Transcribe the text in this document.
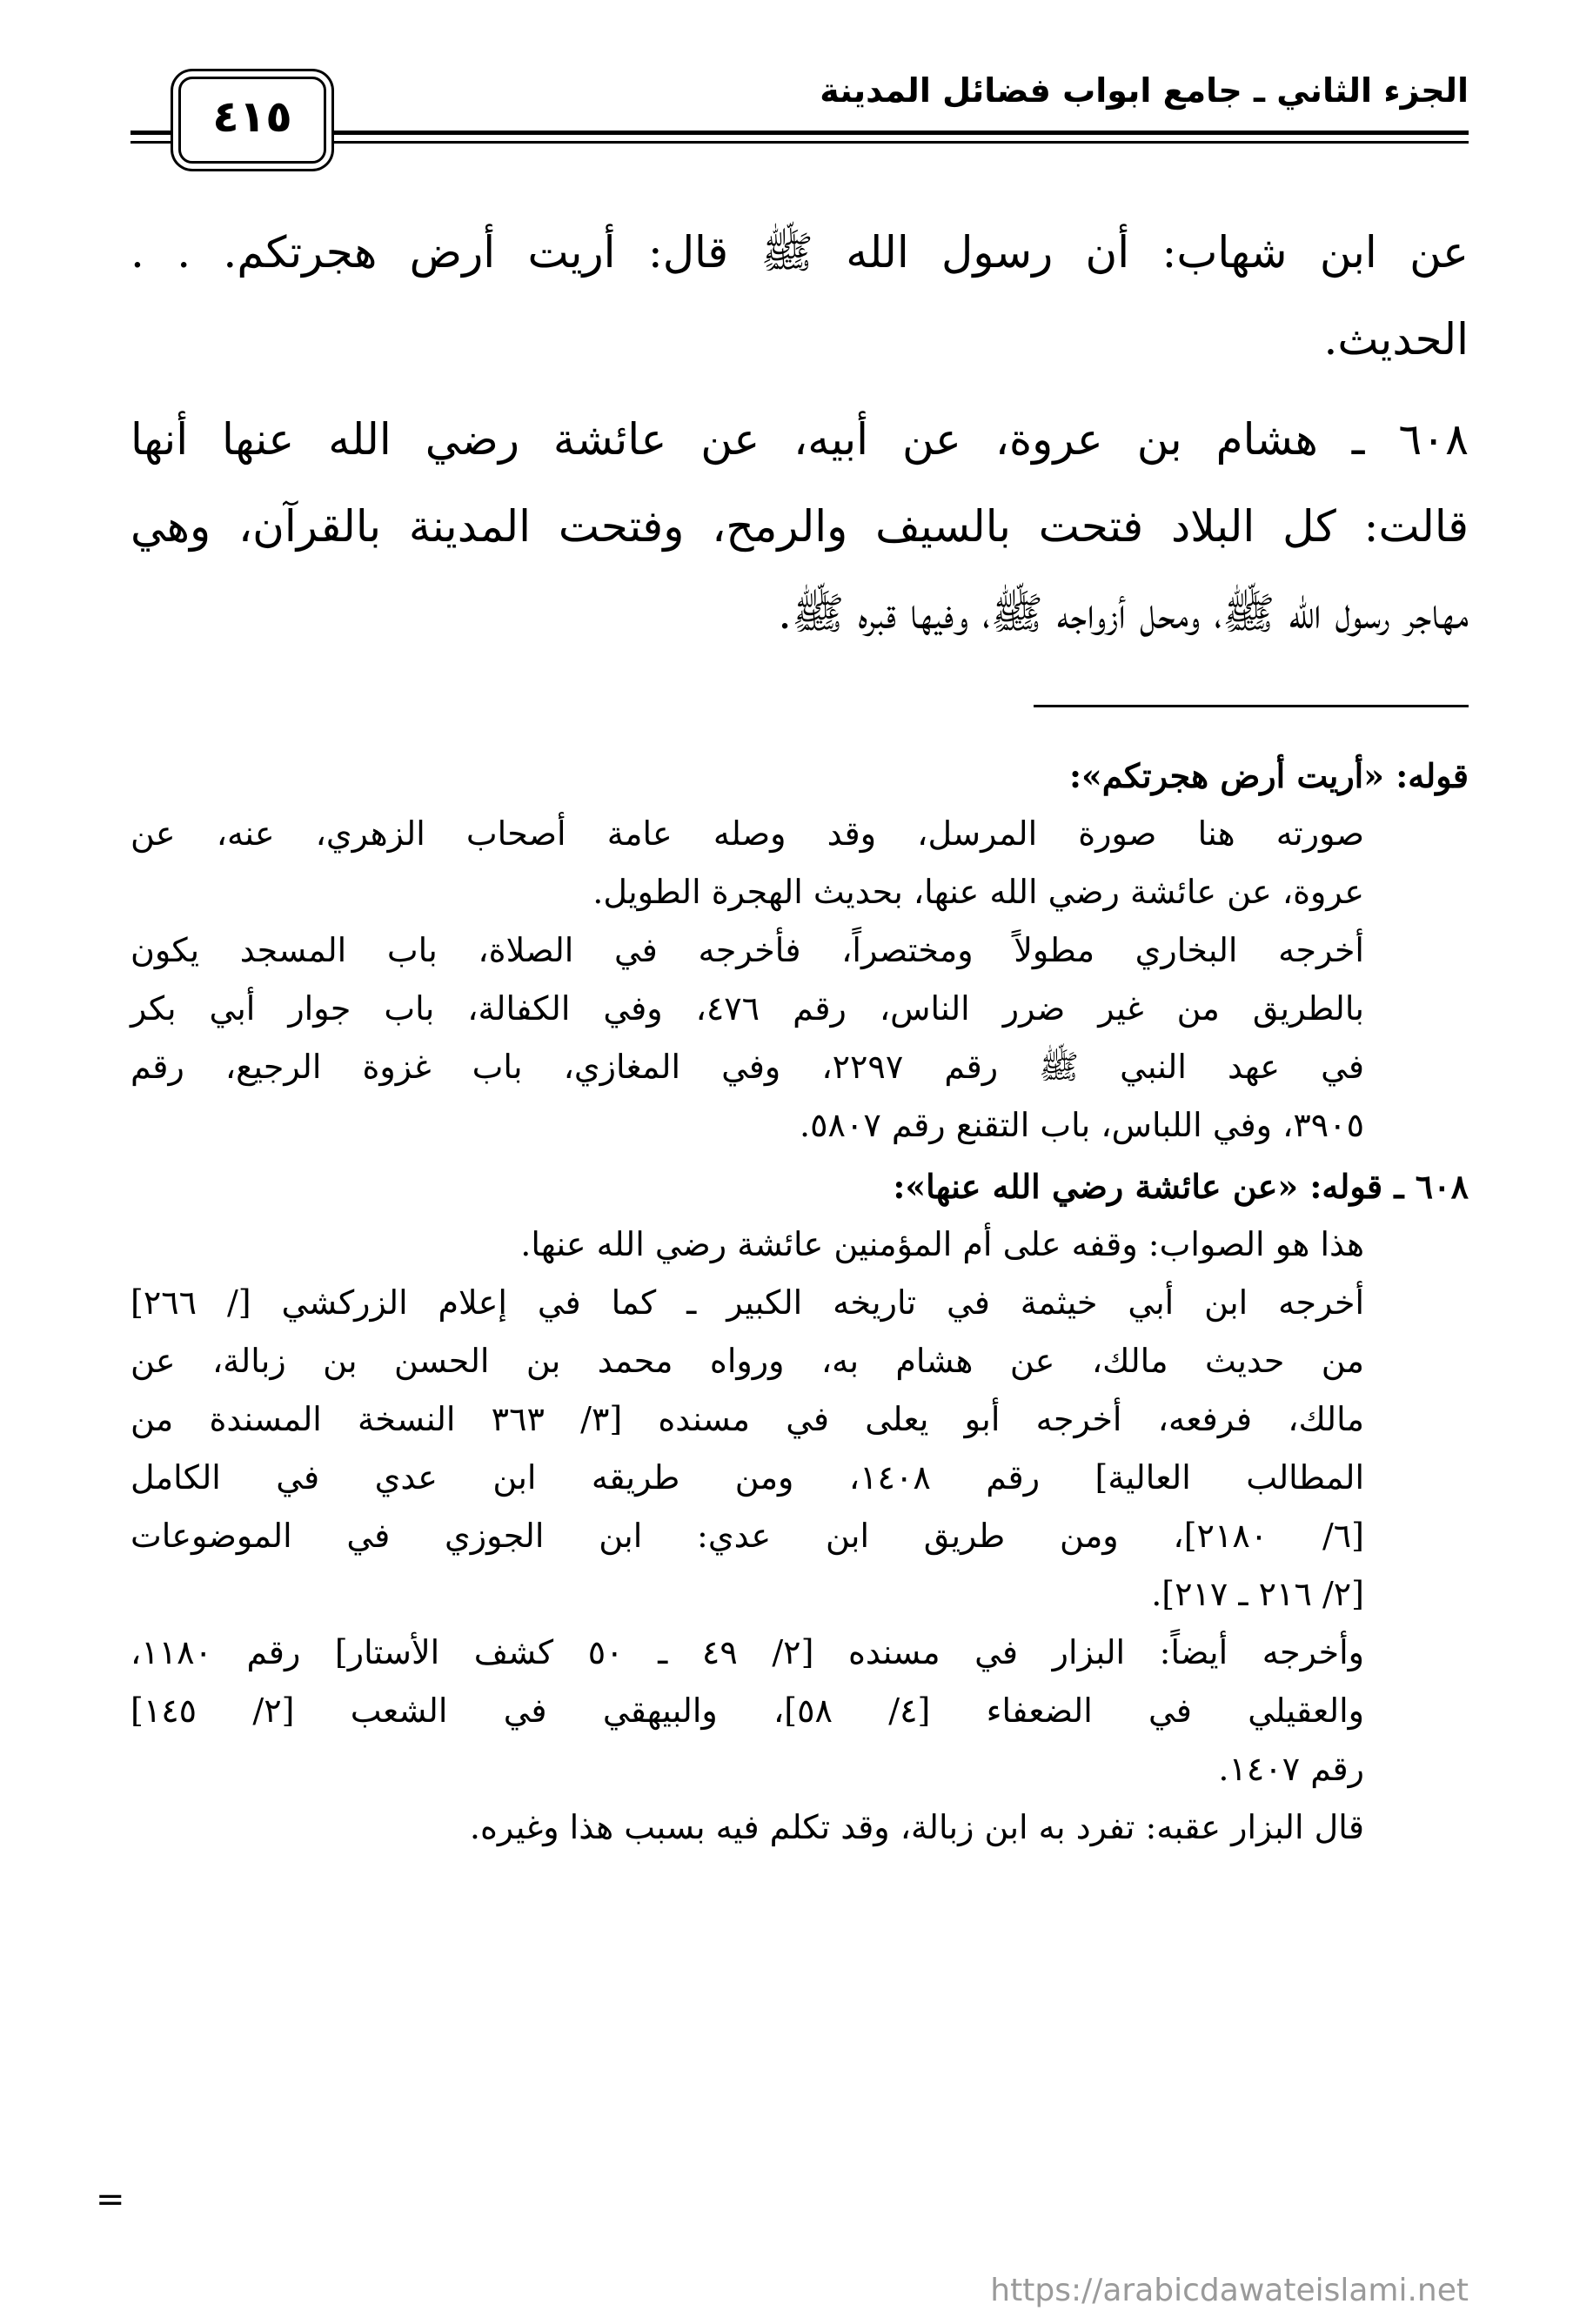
الجزء الثاني ـ جامع ابواب فضائل المدينة
٤١٥
عن ابن شهاب: أن رسول الله ﷺ قال: أريت أرض هجرتكم. . .
الحديث.
٦٠٨ ـ هشام بن عروة، عن أبيه، عن عائشة رضي الله عنها أنها
قالت: كل البلاد فتحت بالسيف والرمح، وفتحت المدينة بالقرآن، وهي
مهاجر رسول الله ﷺ، ومحل أزواجه ﷺ، وفيها قبره ﷺ.
قوله: «أريت أرض هجرتكم»:
صورته هنا صورة المرسل، وقد وصله عامة أصحاب الزهري، عنه، عن
عروة، عن عائشة رضي الله عنها، بحديث الهجرة الطويل.
أخرجه البخاري مطولاً ومختصراً، فأخرجه في الصلاة، باب المسجد يكون
بالطريق من غير ضرر الناس، رقم ٤٧٦، وفي الكفالة، باب جوار أبي بكر
في عهد النبي ﷺ رقم ٢٢٩٧، وفي المغازي، باب غزوة الرجيع، رقم
٣٩٠٥، وفي اللباس، باب التقنع رقم ٥٨٠٧.
٦٠٨ ـ قوله: «عن عائشة رضي الله عنها»:
هذا هو الصواب: وقفه على أم المؤمنين عائشة رضي الله عنها.
أخرجه ابن أبي خيثمة في تاريخه الكبير ـ كما في إعلام الزركشي [/ ٢٦٦]
من حديث مالك، عن هشام به، ورواه محمد بن الحسن بن زبالة، عن
مالك، فرفعه، أخرجه أبو يعلى في مسنده [٣/ ٣٦٣ النسخة المسندة من
المطالب العالية] رقم ١٤٠٨، ومن طريقه ابن عدي في الكامل
[٦/ ٢١٨٠]، ومن طريق ابن عدي: ابن الجوزي في الموضوعات
[٢/ ٢١٦ ـ ٢١٧].
وأخرجه أيضاً: البزار في مسنده [٢/ ٤٩ ـ ٥٠ كشف الأستار] رقم ١١٨٠،
والعقيلي في الضعفاء [٤/ ٥٨]، والبيهقي في الشعب [٢/ ١٤٥]
رقم ١٤٠٧.
قال البزار عقبه: تفرد به ابن زبالة، وقد تكلم فيه بسبب هذا وغيره.
=
https://arabicdawateislami.net
